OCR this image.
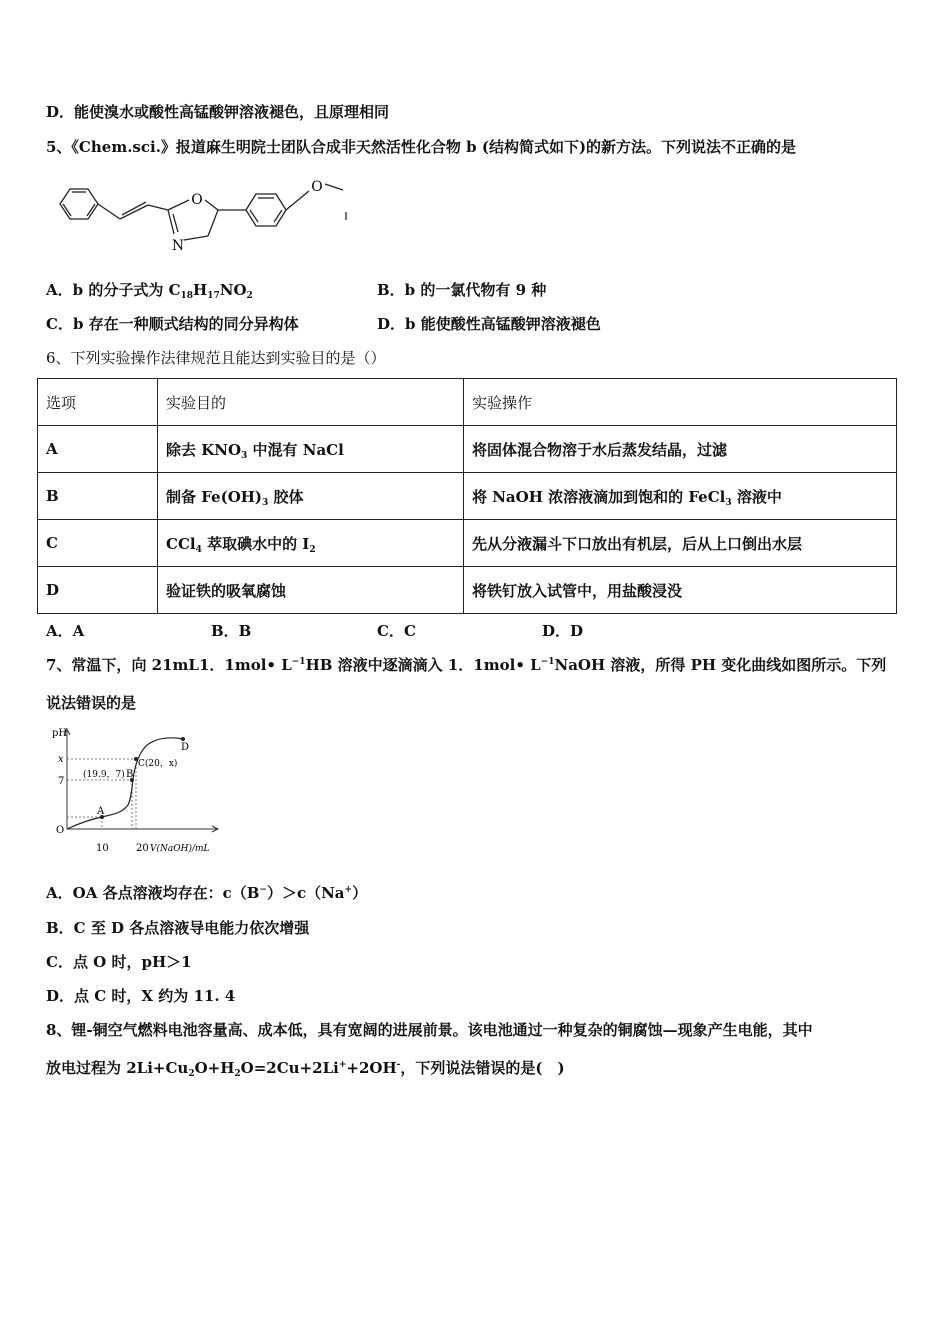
D．能使溴水或酸性高锰酸钾溶液褪色，且原理相同
5、《Chem.sci.》报道麻生明院士团队合成非天然活性化合物 b (结构简式如下)的新方法。下列说法不正确的是
O
N
O
A．b 的分子式为 $C_{18}H_{17}NO_2$	B．b 的一氯代物有 9 种
C．b 存在一种顺式结构的同分异构体	D．b 能使酸性高锰酸钾溶液褪色
6、下列实验操作法律规范且能达到实验目的是（）
选项	实验目的	实验操作
A	除去 $KNO_3$ 中混有 NaCl	将固体混合物溶于水后蒸发结晶，过滤
B	制备 $Fe(OH)_3$ 胶体	将 NaOH 浓溶液滴加到饱和的 FeCl$_3$ 溶液中
C	CCl$_4$ 萃取碘水中的 $I_2$	先从分液漏斗下口放出有机层，后从上口倒出水层
D	验证铁的吸氧腐蚀	将铁钉放入试管中，用盐酸浸没
A．A	B．B	C．C	D．D
7、常温下，向 21mL1．1mol• $L^{-1}HB$ 溶液中逐滴滴入 1．1mol• $L^{-1}NaOH$ 溶液，所得 PH 变化曲线如图所示。下列
说法错误的是
pH
O
x
7
10	20 V(NaOH)/mL
A
B
(19.9，7)
C(20，x)
D
A．OA 各点溶液均存在：c（B−）＞c（Na+）
B．C 至 D 各点溶液导电能力依次增强
C．点 O 时，pH＞1
D．点 C 时，X 约为 11. 4
8、锂-铜空气燃料电池容量高、成本低，具有宽阔的进展前景。该电池通过一种复杂的铜腐蚀—现象产生电能，其中
放电过程为 $2Li+Cu_2O+H_2O=2Cu+2Li^++2OH^-$，下列说法错误的是(　)
